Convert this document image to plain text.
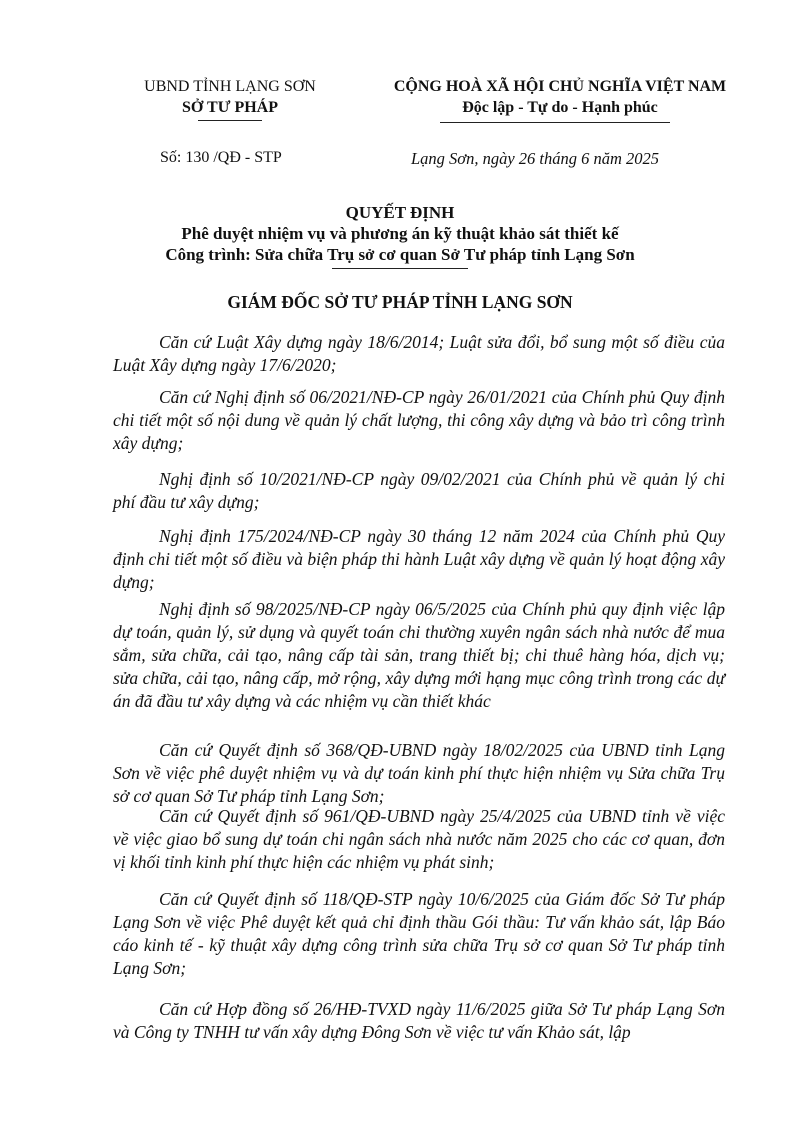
UBND TỈNH LẠNG SƠN
SỞ TƯ PHÁP
CỘNG HOÀ XÃ HỘI CHỦ NGHĨA VIỆT NAM
Độc lập - Tự do - Hạnh phúc
Số: 130 /QĐ - STP	Lạng Sơn, ngày 26 tháng 6 năm 2025
QUYẾT ĐỊNH
Phê duyệt nhiệm vụ và phương án kỹ thuật khảo sát thiết kế
Công trình: Sửa chữa Trụ sở cơ quan Sở Tư pháp tỉnh Lạng Sơn
GIÁM ĐỐC SỞ TƯ PHÁP TỈNH LẠNG SƠN
Căn cứ Luật Xây dựng ngày 18/6/2014; Luật sửa đổi, bổ sung một số điều của Luật Xây dựng ngày 17/6/2020;
Căn cứ Nghị định số 06/2021/NĐ-CP ngày 26/01/2021 của Chính phủ Quy định chi tiết một số nội dung về quản lý chất lượng, thi công xây dựng và bảo trì công trình xây dựng;
Nghị định số 10/2021/NĐ-CP ngày 09/02/2021 của Chính phủ về quản lý chi phí đầu tư xây dựng;
Nghị định 175/2024/NĐ-CP ngày 30 tháng 12 năm 2024 của Chính phủ Quy định chi tiết một số điều và biện pháp thi hành Luật xây dựng về quản lý hoạt động xây dựng;
Nghị định số 98/2025/NĐ-CP ngày 06/5/2025 của Chính phủ quy định việc lập dự toán, quản lý, sử dụng và quyết toán chi thường xuyên ngân sách nhà nước để mua sắm, sửa chữa, cải tạo, nâng cấp tài sản, trang thiết bị; chi thuê hàng hóa, dịch vụ; sửa chữa, cải tạo, nâng cấp, mở rộng, xây dựng mới hạng mục công trình trong các dự án đã đầu tư xây dựng và các nhiệm vụ cần thiết khác
Căn cứ Quyết định số 368/QĐ-UBND ngày 18/02/2025 của UBND tỉnh Lạng Sơn về việc phê duyệt nhiệm vụ và dự toán kinh phí thực hiện nhiệm vụ Sửa chữa Trụ sở cơ quan Sở Tư pháp tỉnh Lạng Sơn;
Căn cứ Quyết định số 961/QĐ-UBND ngày 25/4/2025 của UBND tỉnh về việc về việc giao bổ sung dự toán chi ngân sách nhà nước năm 2025 cho các cơ quan, đơn vị khối tỉnh kinh phí thực hiện các nhiệm vụ phát sinh;
Căn cứ Quyết định số 118/QĐ-STP ngày 10/6/2025 của Giám đốc Sở Tư pháp Lạng Sơn về việc Phê duyệt kết quả chỉ định thầu Gói thầu: Tư vấn khảo sát, lập Báo cáo kinh tế - kỹ thuật xây dựng công trình sửa chữa Trụ sở cơ quan Sở Tư pháp tỉnh Lạng Sơn;
Căn cứ Hợp đồng số 26/HĐ-TVXD ngày 11/6/2025 giữa Sở Tư pháp Lạng Sơn và Công ty TNHH tư vấn xây dựng Đông Sơn về việc tư vấn Khảo sát, lập
